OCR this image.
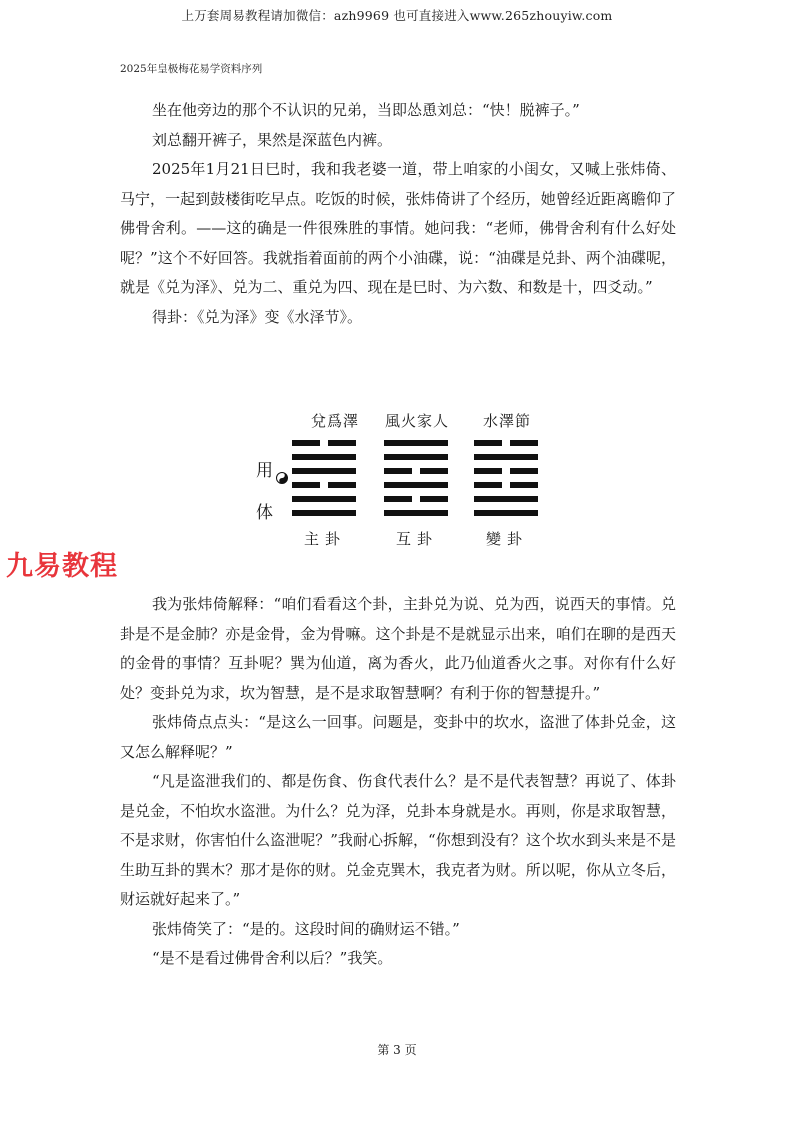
上万套周易教程请加微信：azh9969 也可直接进入www.265zhouyiw.com
2025年皇极梅花易学资料序列

坐在他旁边的那个不认识的兄弟，当即怂恿刘总：“快！脱裤子。”

刘总翻开裤子，果然是深蓝色内裤。

2025年1月21日巳时，我和我老婆一道，带上咱家的小闺女，又喊上张炜倚、马宁，一起到鼓楼街吃早点。吃饭的时候，张炜倚讲了个经历，她曾经近距离瞻仰了佛骨舍利。——这的确是一件很殊胜的事情。她问我：“老师，佛骨舍利有什么好处呢？”这个不好回答。我就指着面前的两个小油碟，说：“油碟是兑卦、两个油碟呢，就是《兑为泽》、兑为二、重兑为四、现在是巳时、为六数、和数是十，四爻动。”

得卦：《兑为泽》变《水泽节》。

兌爲澤	風火家人	水澤節
用
体
主卦	互卦	變卦
九易教程

我为张炜倚解释：“咱们看看这个卦，主卦兑为说、兑为西，说西天的事情。兑卦是不是金肺？亦是金骨，金为骨嘛。这个卦是不是就显示出来，咱们在聊的是西天的金骨的事情？互卦呢？巽为仙道，离为香火，此乃仙道香火之事。对你有什么好处？变卦兑为求，坎为智慧，是不是求取智慧啊？有利于你的智慧提升。”

张炜倚点点头：“是这么一回事。问题是，变卦中的坎水，盗泄了体卦兑金，这又怎么解释呢？”

“凡是盗泄我们的、都是伤食、伤食代表什么？是不是代表智慧？再说了、体卦是兑金，不怕坎水盗泄。为什么？兑为泽，兑卦本身就是水。再则，你是求取智慧，不是求财，你害怕什么盗泄呢？”我耐心拆解，“你想到没有？这个坎水到头来是不是生助互卦的巽木？那才是你的财。兑金克巽木，我克者为财。所以呢，你从立冬后，财运就好起来了。”

张炜倚笑了：“是的。这段时间的确财运不错。”

“是不是看过佛骨舍利以后？”我笑。

第 3 页
